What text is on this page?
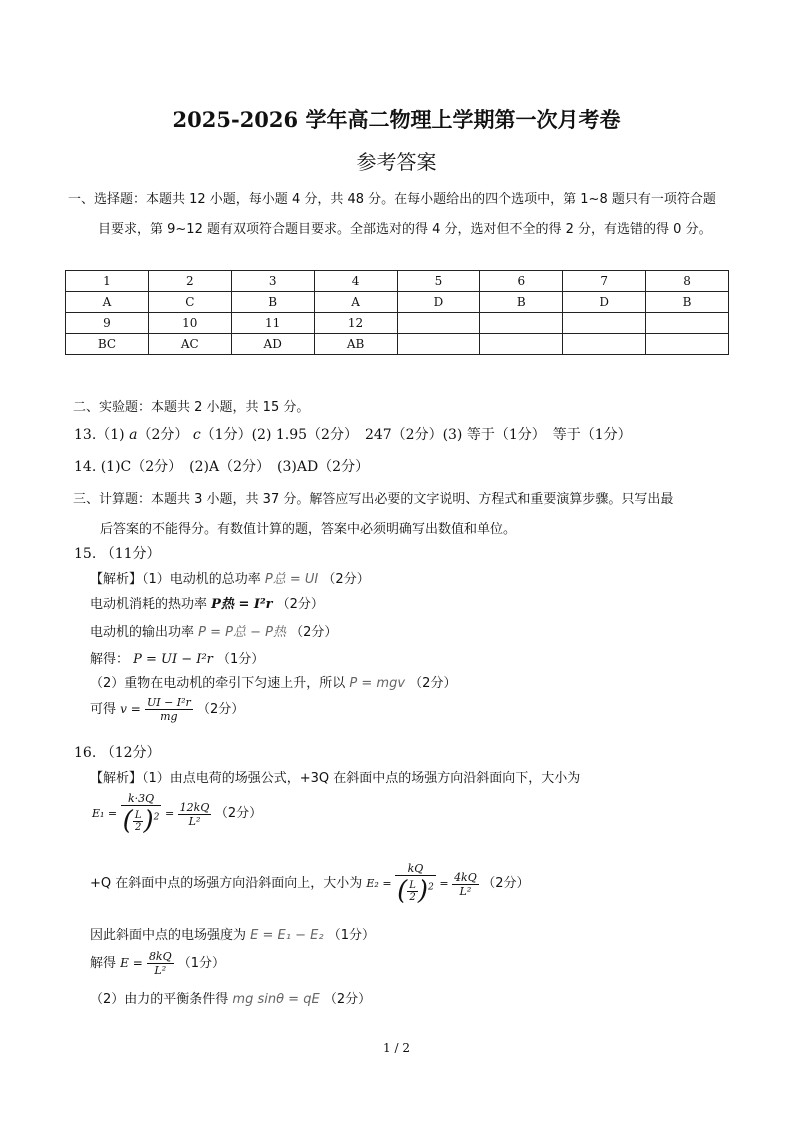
2025-2026 学年高二物理上学期第一次月考卷
参考答案
一、选择题：本题共 12 小题，每小题 4 分，共 48 分。在每小题给出的四个选项中，第 1~8 题只有一项符合题
目要求，第 9~12 题有双项符合题目要求。全部选对的得 4 分，选对但不全的得 2 分，有选错的得 0 分。
1	2	3	4	5	6	7	8
A	C	B	A	D	B	D	B
9	10	11	12				
BC	AC	AD	AB				
二、实验题：本题共 2 小题，共 15 分。
13.（1) a（2分） c（1分）(2) 1.95（2分）　247（2分）(3) 等于（1分）　等于（1分）
14. (1)C（2分）　(2)A（2分）　(3)AD（2分）
三、计算题：本题共 3 小题，共 37 分。解答应写出必要的文字说明、方程式和重要演算步骤。只写出最
后答案的不能得分。有数值计算的题，答案中必须明确写出数值和单位。
15. （11分）
【解析】（1）电动机的总功率 P总 = UI （2分）
电动机消耗的热功率 P热 = I²r （2分）
电动机的输出功率 P = P总 − P热 （2分）
解得： P = UI − I²r （1分）
（2）重物在电动机的牵引下匀速上升，所以 P = mgv （2分）
可得 $v = \frac{\text{UI − I²r}}{mg} (2$分）
16. （12分）
【解析】（1）由点电荷的场强公式，+3Q 在斜面中点的场强方向沿斜面向下，大小为
$E_1 = \frac{k\cdot 3Q}{( \frac{L}{2} )^2} = \frac{12kQ}{\text{L²}} (2$分）
+Q 在斜面中点的场强方向沿斜面向上，大小为 $E_2 = \frac{kQ}{( \frac{L}{2} )^2} = \frac{4kQ}{\text{L²}} (2$分）
因此斜面中点的电场强度为 E = E₁ − E₂ （1分）
解得 $E = \frac{8kQ}{\text{L²}} (1$分）
（2）由力的平衡条件得 mg sinθ = qE （2分）
1 / 2
